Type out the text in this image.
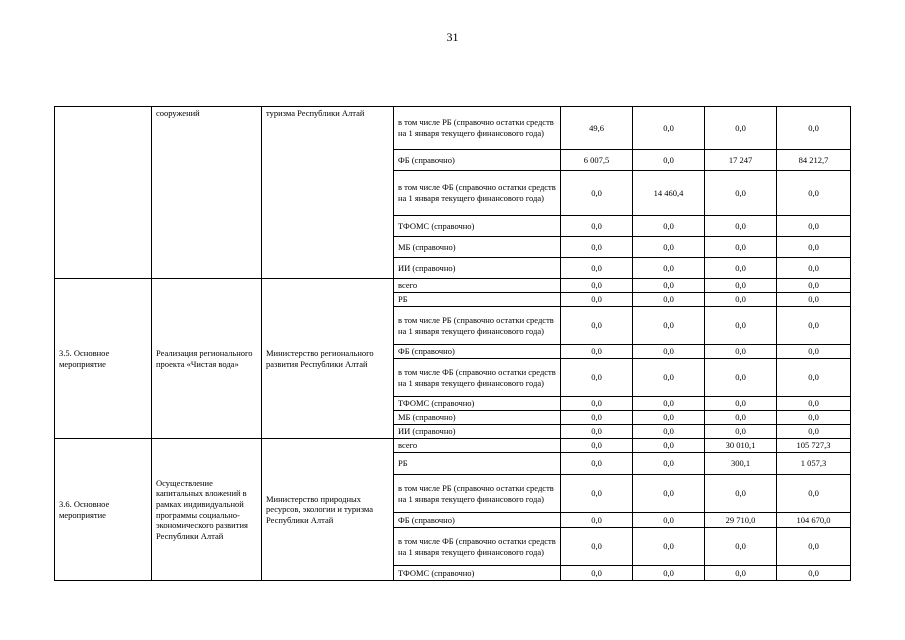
31
	сооружений	туризма Республики Алтай	в том числе РБ (справочно остатки средств на 1 января текущего финансового года)	49,6	0,0	0,0	0,0
			ФБ (справочно)	6 007,5	0,0	17 247	84 212,7
			в том числе ФБ (справочно остатки средств на 1 января текущего финансового года)	0,0	14 460,4	0,0	0,0
			ТФОМС (справочно)	0,0	0,0	0,0	0,0
			МБ (справочно)	0,0	0,0	0,0	0,0
			ИИ (справочно)	0,0	0,0	0,0	0,0
3.5. Основное мероприятие	Реализация регионального проекта «Чистая вода»	Министерство регионального развития Республики Алтай	всего	0,0	0,0	0,0	0,0
			РБ	0,0	0,0	0,0	0,0
			в том числе РБ (справочно остатки средств на 1 января текущего финансового года)	0,0	0,0	0,0	0,0
			ФБ (справочно)	0,0	0,0	0,0	0,0
			в том числе ФБ (справочно остатки средств на 1 января текущего финансового года)	0,0	0,0	0,0	0,0
			ТФОМС (справочно)	0,0	0,0	0,0	0,0
			МБ (справочно)	0,0	0,0	0,0	0,0
			ИИ (справочно)	0,0	0,0	0,0	0,0
3.6. Основное мероприятие	Осуществление капитальных вложений в рамках индивидуальной программы социально-экономического развития Республики Алтай	Министерство природных ресурсов, экологии и туризма Республики Алтай	всего	0,0	0,0	30 010,1	105 727,3
			РБ	0,0	0,0	300,1	1 057,3
			в том числе РБ (справочно остатки средств на 1 января текущего финансового года)	0,0	0,0	0,0	0,0
			ФБ (справочно)	0,0	0,0	29 710,0	104 670,0
			в том числе ФБ (справочно остатки средств на 1 января текущего финансового года)	0,0	0,0	0,0	0,0
			ТФОМС (справочно)	0,0	0,0	0,0	0,0
